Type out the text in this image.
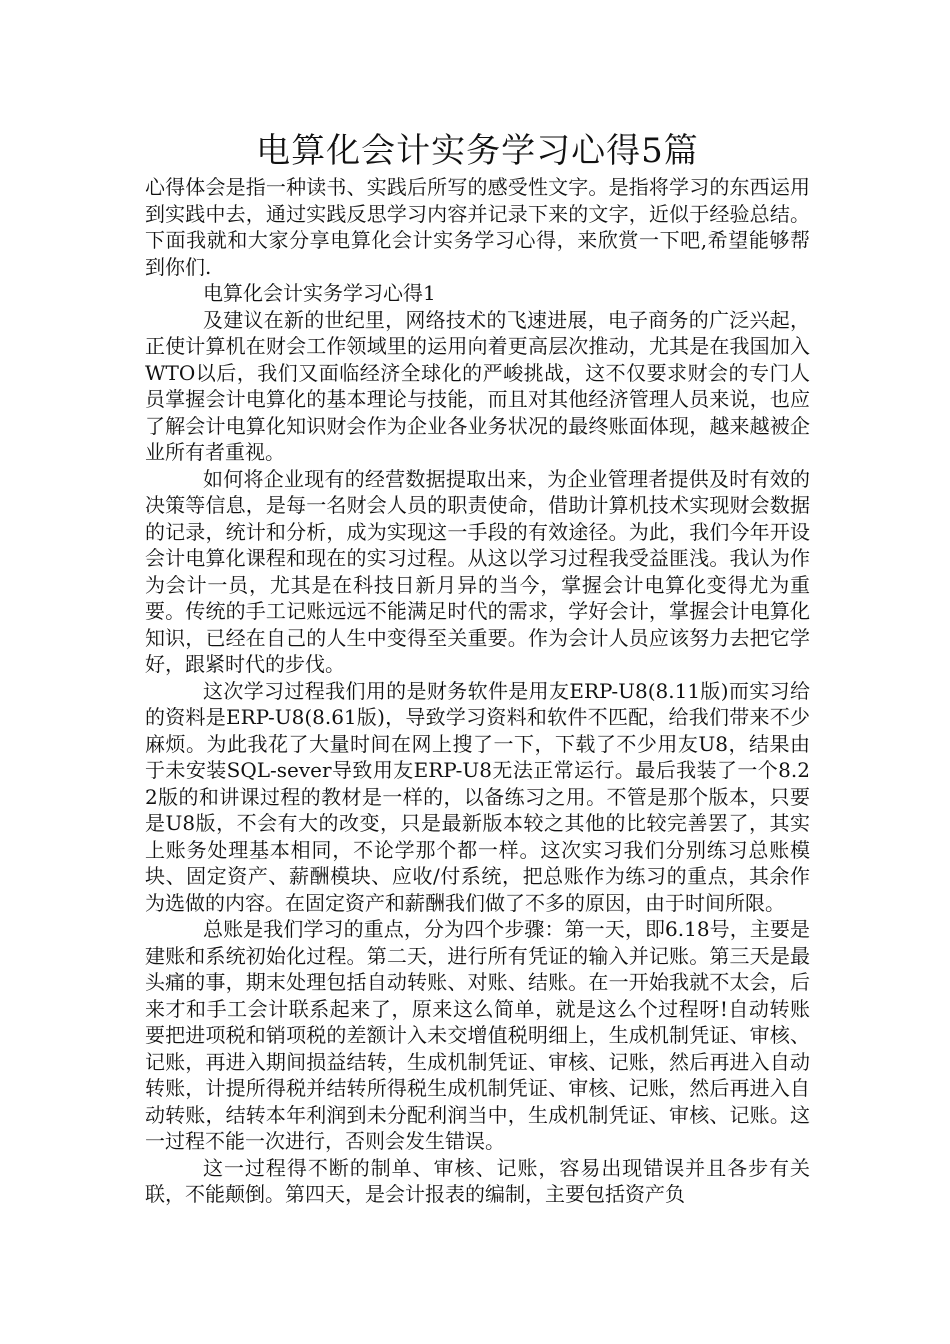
电算化会计实务学习心得5篇

心得体会是指一种读书、实践后所写的感受性文字。是指将学习的东西运用到实践中去，通过实践反思学习内容并记录下来的文字，近似于经验总结。下面我就和大家分享电算化会计实务学习心得，来欣赏一下吧,希望能够帮到你们.

电算化会计实务学习心得1

及建议在新的世纪里，网络技术的飞速进展，电子商务的广泛兴起，正使计算机在财会工作领域里的运用向着更高层次推动，尤其是在我国加入WTO以后，我们又面临经济全球化的严峻挑战，这不仅要求财会的专门人员掌握会计电算化的基本理论与技能，而且对其他经济管理人员来说，也应了解会计电算化知识财会作为企业各业务状况的最终账面体现，越来越被企业所有者重视。

如何将企业现有的经营数据提取出来，为企业管理者提供及时有效的决策等信息，是每一名财会人员的职责使命，借助计算机技术实现财会数据的记录，统计和分析，成为实现这一手段的有效途径。为此，我们今年开设会计电算化课程和现在的实习过程。从这以学习过程我受益匪浅。我认为作为会计一员，尤其是在科技日新月异的当今，掌握会计电算化变得尤为重要。传统的手工记账远远不能满足时代的需求，学好会计，掌握会计电算化知识，已经在自己的人生中变得至关重要。作为会计人员应该努力去把它学好，跟紧时代的步伐。

这次学习过程我们用的是财务软件是用友ERP-U8(8.11版)而实习给的资料是ERP-U8(8.61版)，导致学习资料和软件不匹配，给我们带来不少麻烦。为此我花了大量时间在网上搜了一下，下载了不少用友U8，结果由于未安装SQL-sever导致用友ERP-U8无法正常运行。最后我装了一个8.22版的和讲课过程的教材是一样的，以备练习之用。不管是那个版本，只要是U8版，不会有大的改变，只是最新版本较之其他的比较完善罢了，其实上账务处理基本相同，不论学那个都一样。这次实习我们分别练习总账模块、固定资产、薪酬模块、应收/付系统，把总账作为练习的重点，其余作为选做的内容。在固定资产和薪酬我们做了不多的原因，由于时间所限。

总账是我们学习的重点，分为四个步骤：第一天，即6.18号，主要是建账和系统初始化过程。第二天，进行所有凭证的输入并记账。第三天是最头痛的事，期末处理包括自动转账、对账、结账。在一开始我就不太会，后来才和手工会计联系起来了，原来这么简单，就是这么个过程呀!自动转账要把进项税和销项税的差额计入未交增值税明细上，生成机制凭证、审核、记账，再进入期间损益结转，生成机制凭证、审核、记账，然后再进入自动转账，计提所得税并结转所得税生成机制凭证、审核、记账，然后再进入自动转账，结转本年利润到未分配利润当中，生成机制凭证、审核、记账。这一过程不能一次进行，否则会发生错误。

这一过程得不断的制单、审核、记账，容易出现错误并且各步有关联，不能颠倒。第四天，是会计报表的编制，主要包括资产负
